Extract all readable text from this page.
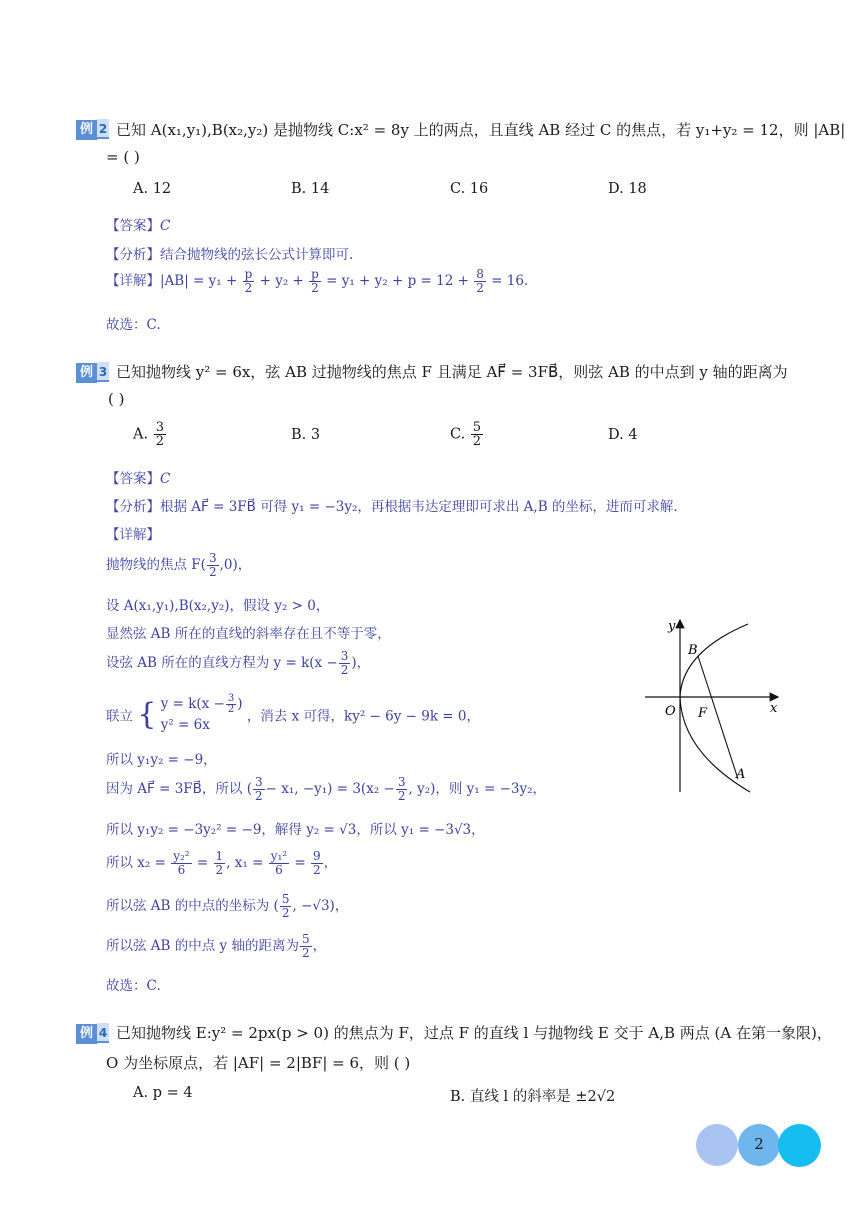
例 2 已知 A(x₁,y₁),B(x₂,y₂) 是抛物线 C:x² = 8y 上的两点，且直线 AB 经过 C 的焦点，若 y₁+y₂ = 12，则 |AB|
= ( )
A. 12	B. 14	C. 16	D. 18
【答案】C
【分析】结合抛物线的弦长公式计算即可.
【详解】$|AB| = y_1 + \frac{p}{2} + y_2 + \frac{p}{2} = y_1 + y_2 + p = 12 + \frac{8}{2} = 16$.
故选：C.
例 3 已知抛物线 y² = 6x，弦 AB 过抛物线的焦点 F 且满足 AF⃗ = 3FB⃗，则弦 AB 的中点到 y 轴的距离为
( )
A. $\frac{3}{2}$	B. 3	C. $\frac{5}{2}$	D. 4
【答案】C
【分析】根据 AF⃗ = 3FB⃗ 可得 y₁ = −3y₂，再根据韦达定理即可求出 A,B 的坐标，进而可求解.
【详解】
抛物线的焦点 $F( \frac{3}{2} ,0)$，
设 A(x₁,y₁),B(x₂,y₂)，假设 y₂ > 0，
显然弦 AB 所在的直线的斜率存在且不等于零，
设弦 AB 所在的直线方程为 $y = k(x - \frac{3}{2}$ )，
联立 { $y = k(x - \frac{3}{2}$ )
y² = 6x
，消去 x 可得，ky² − 6y − 9k = 0，
所以 y₁y₂ = −9，
因为 AF⃗ = 3FB⃗，所以 ( $\frac{3}{2} - x_1$, $-y_1) = 3(x_2 - \frac{3}{2}$ , y₂)，则 y₁ = −3y₂，
所以 y₁y₂ = −3y₂² = −9，解得 y₂ = √3，所以 y₁ = −3√3，
所以 $x_2 = \frac{\text{y₂²}}{6} = \frac{1}{2}$ , $x_1 = \frac{\text{y₁²}}{6} = \frac{9}{2}$ ，
所以弦 AB 的中点的坐标为 ( $\frac{5}{2}$ , −√3)，
所以弦 AB 的中点 y 轴的距离为 $\frac{5}{2}$ ，
故选：C.
y
x
O F
B
A
例 4 已知抛物线 E:y² = 2px(p > 0) 的焦点为 F，过点 F 的直线 l 与抛物线 E 交于 A,B 两点 (A 在第一象限)，
O 为坐标原点，若 |AF| = 2|BF| = 6，则 ( )
A. p = 4	B. 直线 l 的斜率是 ±2√2
2
